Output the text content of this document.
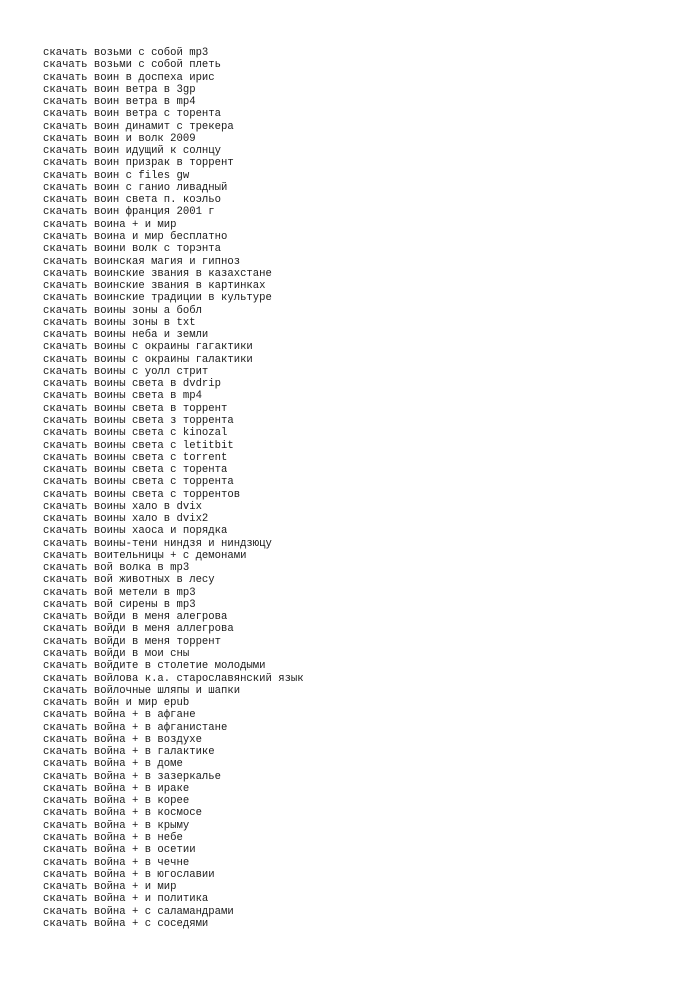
скачать возьми с собой mp3
скачать возьми с собой плеть
скачать воин в доспеха ирис
скачать воин ветра в 3gp
скачать воин ветра в mp4
скачать воин ветра с торента
скачать воин динамит с трекера
скачать воин и волк 2009
скачать воин идущий к солнцу
скачать воин призрак в торрент
скачать воин с files gw
скачать воин с ганио ливадный
скачать воин света п. коэльо
скачать воин франция 2001 г
скачать воина + и мир
скачать воина и мир бесплатно
скачать воини волк с торэнта
скачать воинская магия и гипноз
скачать воинские звания в казахстане
скачать воинские звания в картинках
скачать воинские традиции в культуре
скачать воины зоны а бобл
скачать воины зоны в txt
скачать воины неба и земли
скачать воины с окраины гагактики
скачать воины с окраины галактики
скачать воины с уолл стрит
скачать воины света в dvdrip
скачать воины света в mp4
скачать воины света в торрент
скачать воины света з торрента
скачать воины света с kinozal
скачать воины света с letitbit
скачать воины света с torrent
скачать воины света с торента
скачать воины света с торрента
скачать воины света с торрентов
скачать воины хало в dvix
скачать воины хало в dvix2
скачать воины хаоса и порядка
скачать воины-тени ниндзя и ниндзюцу
скачать воительницы + с демонами
скачать вой волка в mp3
скачать вой животных в лесу
скачать вой метели в mp3
скачать вой сирены в mp3
скачать войди в меня алегрова
скачать войди в меня аллегрова
скачать войди в меня торрент
скачать войди в мои сны
скачать войдите в столетие молодыми
скачать войлова к.а. старославянский язык
скачать войлочные шляпы и шапки
скачать войн и мир epub
скачать война + в афгане
скачать война + в афганистане
скачать война + в воздухе
скачать война + в галактике
скачать война + в доме
скачать война + в зазеркалье
скачать война + в ираке
скачать война + в корее
скачать война + в космосе
скачать война + в крыму
скачать война + в небе
скачать война + в осетии
скачать война + в чечне
скачать война + в югославии
скачать война + и мир
скачать война + и политика
скачать война + с саламандрами
скачать война + с соседями
